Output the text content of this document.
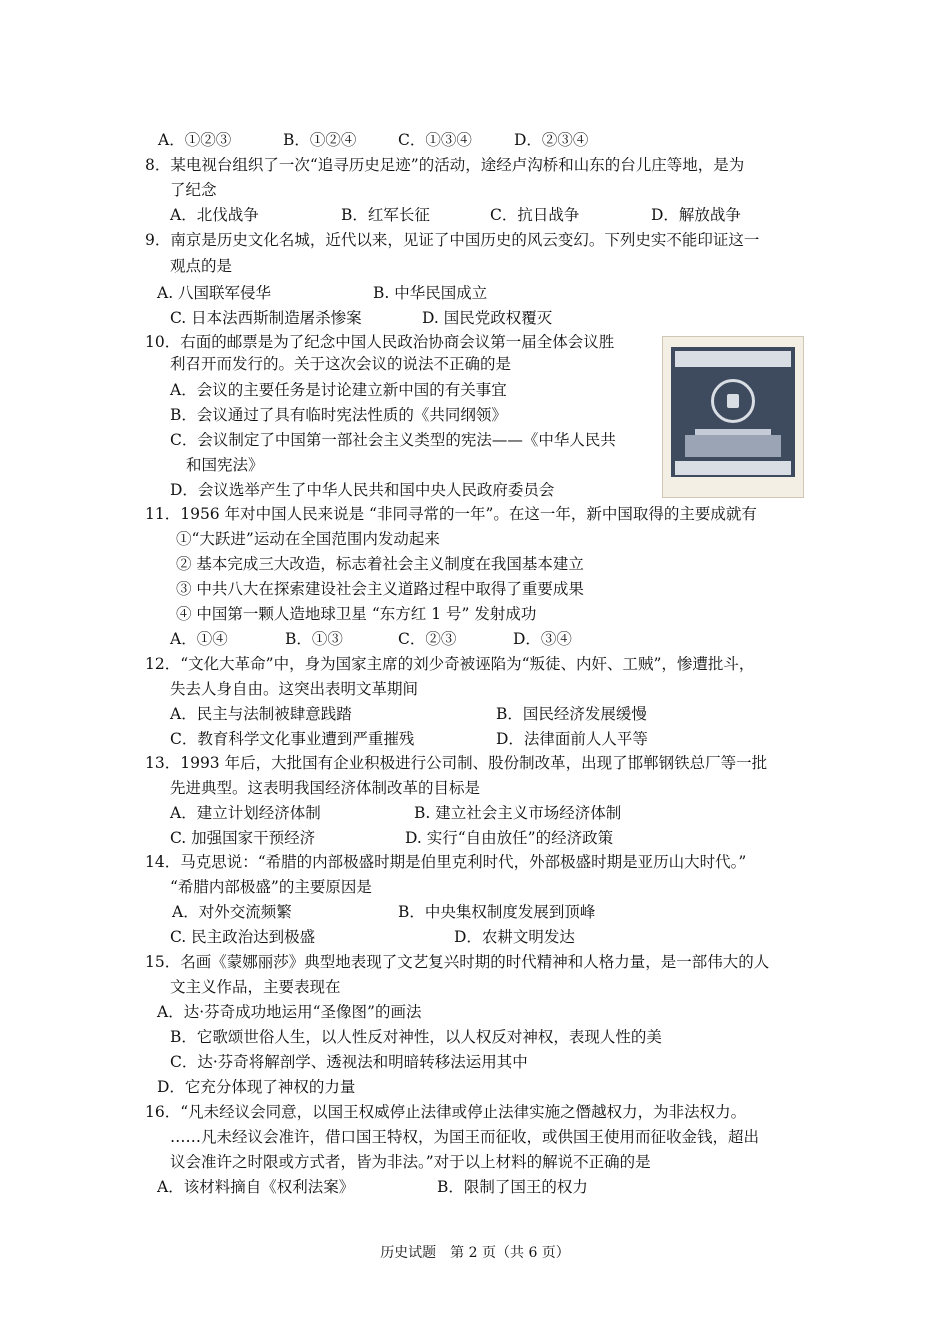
A．①②③	B．①②④	C．①③④	D．②③④
8．某电视台组织了一次“追寻历史足迹”的活动，途经卢沟桥和山东的台儿庄等地，是为
了纪念
A．北伐战争	B．红军长征	C．抗日战争	D．解放战争
9．南京是历史文化名城，近代以来，见证了中国历史的风云变幻。下列史实不能印证这一
观点的是
A. 八国联军侵华	B. 中华民国成立
C. 日本法西斯制造屠杀惨案	D. 国民党政权覆灭
10．右面的邮票是为了纪念中国人民政治协商会议第一届全体会议胜
利召开而发行的。关于这次会议的说法不正确的是
A．会议的主要任务是讨论建立新中国的有关事宜
B．会议通过了具有临时宪法性质的《共同纲领》
C．会议制定了中国第一部社会主义类型的宪法——《中华人民共
和国宪法》
D．会议选举产生了中华人民共和国中央人民政府委员会
11．1956 年对中国人民来说是 “非同寻常的一年”。在这一年，新中国取得的主要成就有
①“大跃进”运动在全国范围内发动起来
② 基本完成三大改造，标志着社会主义制度在我国基本建立
③ 中共八大在探索建设社会主义道路过程中取得了重要成果
④ 中国第一颗人造地球卫星 “东方红 1 号” 发射成功
A．①④	B．①③	C．②③	D．③④
12．“文化大革命”中，身为国家主席的刘少奇被诬陷为“叛徒、内奸、工贼”，惨遭批斗，
失去人身自由。这突出表明文革期间
A．民主与法制被肆意践踏	B．国民经济发展缓慢
C．教育科学文化事业遭到严重摧残	D．法律面前人人平等
13．1993 年后，大批国有企业积极进行公司制、股份制改革，出现了邯郸钢铁总厂等一批
先进典型。这表明我国经济体制改革的目标是
A．建立计划经济体制	B. 建立社会主义市场经济体制
C. 加强国家干预经济	D. 实行“自由放任”的经济政策
14．马克思说：“希腊的内部极盛时期是伯里克利时代，外部极盛时期是亚历山大时代。”
“希腊内部极盛”的主要原因是
A．对外交流频繁	B．中央集权制度发展到顶峰
C. 民主政治达到极盛	D．农耕文明发达
15．名画《蒙娜丽莎》典型地表现了文艺复兴时期的时代精神和人格力量，是一部伟大的人
文主义作品，主要表现在
A．达·芬奇成功地运用“圣像图”的画法
B．它歌颂世俗人生，以人性反对神性，以人权反对神权，表现人性的美
C．达·芬奇将解剖学、透视法和明暗转移法运用其中
D．它充分体现了神权的力量
16．“凡未经议会同意，以国王权威停止法律或停止法律实施之僭越权力，为非法权力。
……凡未经议会准许，借口国王特权，为国王而征收，或供国王使用而征收金钱，超出
议会准许之时限或方式者，皆为非法。”对于以上材料的解说不正确的是
A．该材料摘自《权利法案》	B．限制了国王的权力
历史试题　第 2 页（共 6 页）
